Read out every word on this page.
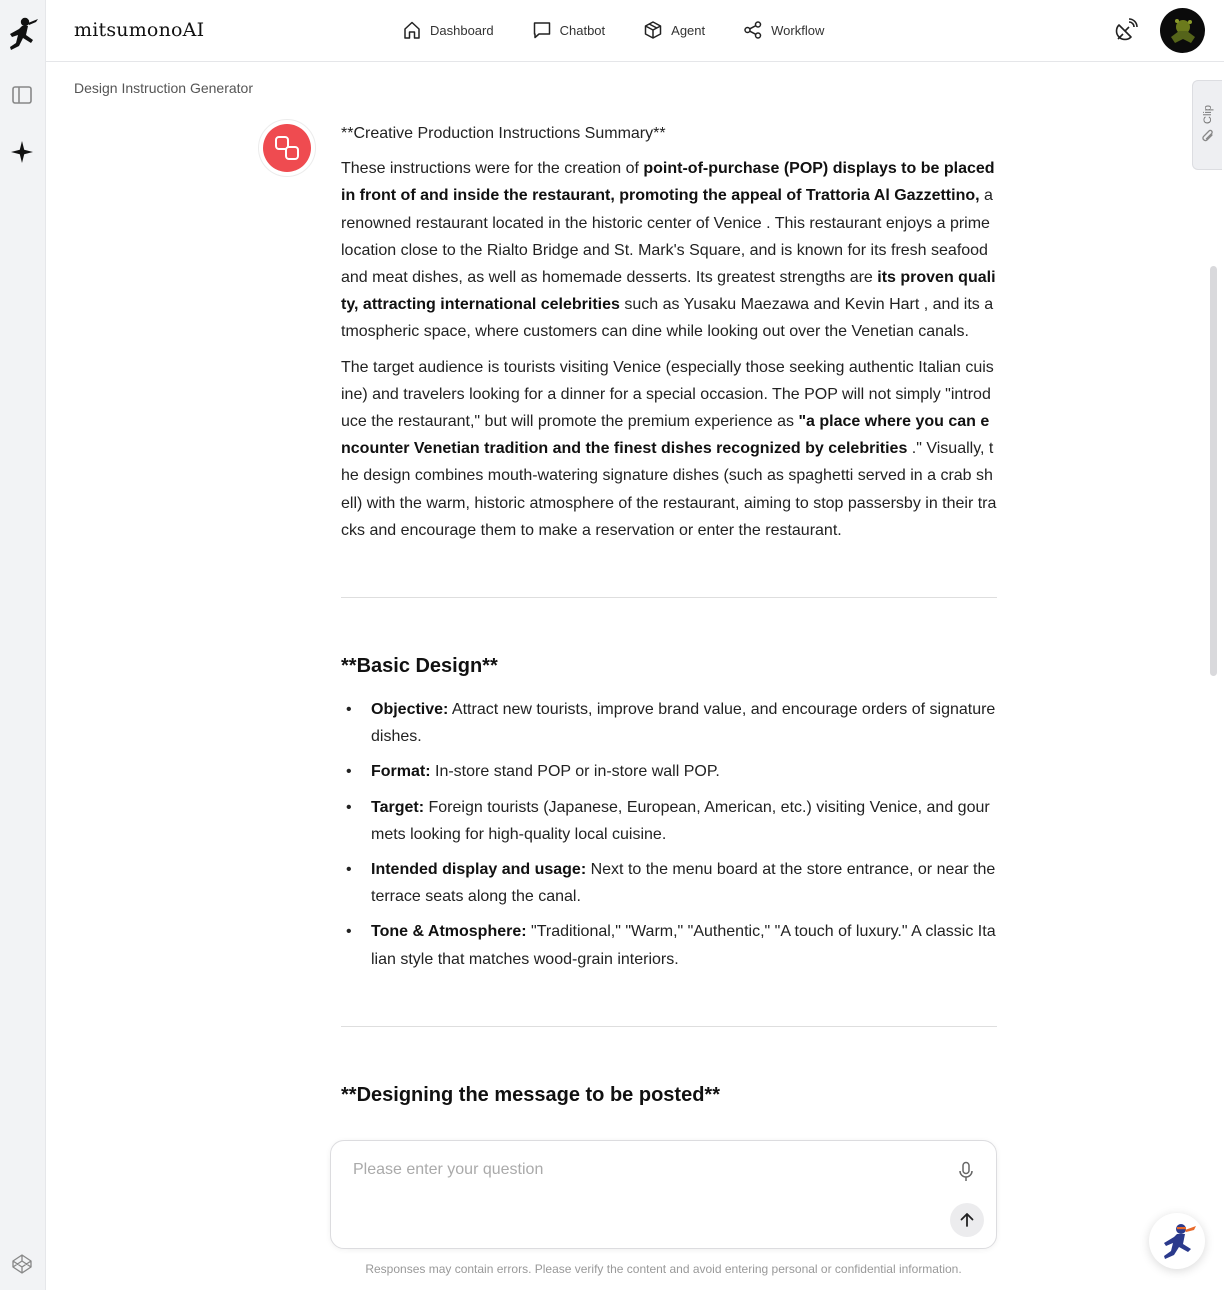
mitsumonoAI	Dashboard	Chatbot	Agent	Workflow
Design Instruction Generator
Clip

**Creative Production Instructions Summary**

These instructions were for the creation of point-of-purchase (POP) displays to be placed in front of and inside the restaurant, promoting the appeal of Trattoria Al Gazzettino, a renowned restaurant located in the historic center of Venice . This restaurant enjoys a prime location close to the Rialto Bridge and St. Mark's Square, and is known for its fresh seafood and meat dishes, as well as homemade desserts. Its greatest strengths are its proven quality, attracting international celebrities such as Yusaku Maezawa and Kevin Hart , and its atmospheric space, where customers can dine while looking out over the Venetian canals.

The target audience is tourists visiting Venice (especially those seeking authentic Italian cuisine) and travelers looking for a dinner for a special occasion. The POP will not simply "introduce the restaurant," but will promote the premium experience as "a place where you can encounter Venetian tradition and the finest dishes recognized by celebrities ." Visually, the design combines mouth-watering signature dishes (such as spaghetti served in a crab shell) with the warm, historic atmosphere of the restaurant, aiming to stop passersby in their tracks and encourage them to make a reservation or enter the restaurant.

**Basic Design**
• Objective: Attract new tourists, improve brand value, and encourage orders of signature dishes.
• Format: In-store stand POP or in-store wall POP.
• Target: Foreign tourists (Japanese, European, American, etc.) visiting Venice, and gourmets looking for high-quality local cuisine.
• Intended display and usage: Next to the menu board at the store entrance, or near the terrace seats along the canal.
• Tone & Atmosphere: "Traditional," "Warm," "Authentic," "A touch of luxury." A classic Italian style that matches wood-grain interiors.
**Designing the message to be posted**
Please enter your question
Responses may contain errors. Please verify the content and avoid entering personal or confidential information.
